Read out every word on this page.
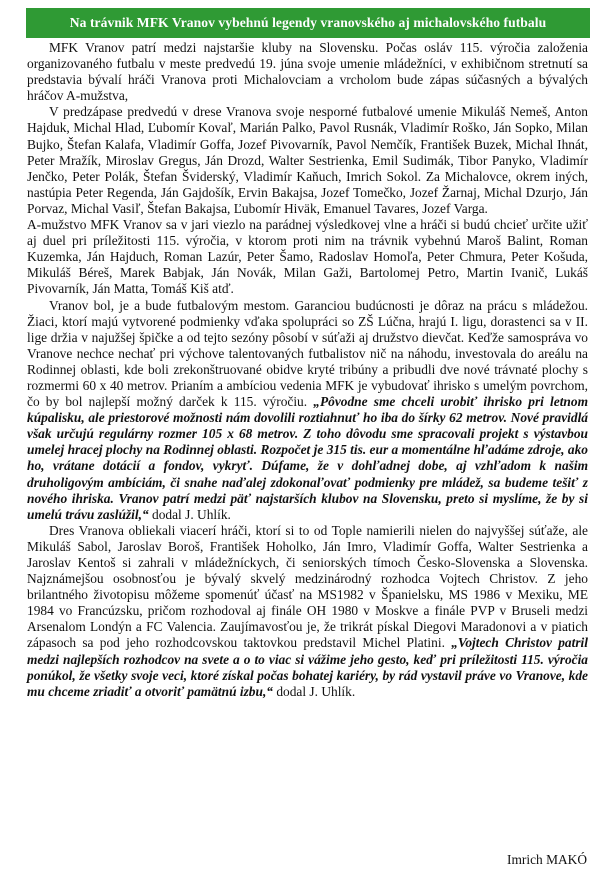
Na trávnik MFK Vranov vybehnú legendy vranovského aj michalovského futbalu

MFK Vranov patrí medzi najstaršie kluby na Slovensku. Počas osláv 115. výročia založenia organizovaného futbalu v meste predvedú 19. júna svoje umenie mládežníci, v exhibičnom stretnutí sa predstavia bývalí hráči Vranova proti Michalovciam a vrcholom bude zápas súčasných a bývalých hráčov A-mužstva,

V predzápase predvedú v drese Vranova svoje nesporné futbalové umenie Mikuláš Nemeš, Anton Hajduk, Michal Hlad, Ľubomír Kovaľ, Marián Palko, Pavol Rusnák, Vladimír Roško, Ján Sopko, Milan Bujko, Štefan Kalafa, Vladimír Goffa, Jozef Pivovarník, Pavol Nemčík, František Buzek, Michal Ihnát, Peter Mražík, Miroslav Gregus, Ján Drozd, Walter Sestrienka, Emil Sudimák, Tibor Panyko, Vladimír Jenčko, Peter Polák, Štefan Šviderský, Vladimír Kaňuch, Imrich Sokol. Za Michalovce, okrem iných, nastúpia Peter Regenda, Ján Gajdošík, Ervin Bakajsa, Jozef Tomečko, Jozef Žarnaj, Michal Dzurjo, Ján Porvaz, Michal Vasiľ, Štefan Bakajsa, Ľubomír Hiväk, Emanuel Tavares, Jozef Varga.

A-mužstvo MFK Vranov sa v jari viezlo na parádnej výsledkovej vlne a hráči si budú chcieť určite užiť aj duel pri príležitosti 115. výročia, v ktorom proti nim na trávnik vybehnú Maroš Balint, Roman Kuzemka, Ján Hajduch, Roman Lazúr, Peter Šamo, Radoslav Homoľa, Peter Chmura, Peter Košuda, Mikuláš Béreš, Marek Babjak, Ján Novák, Milan Gaži, Bartolomej Petro, Martin Ivanič, Lukáš Pivovarník, Ján Matta, Tomáš Kiš atď.

Vranov bol, je a bude futbalovým mestom. Garanciou budúcnosti je dôraz na prácu s mládežou. Žiaci, ktorí majú vytvorené podmienky vďaka spolupráci so ZŠ Lúčna, hrajú I. ligu, dorastenci sa v II. lige držia v najužšej špičke a od tejto sezóny pôsobí v súťaži aj družstvo dievčat. Keďže samospráva vo Vranove nechce nechať pri výchove talentovaných futbalistov nič na náhodu, investovala do areálu na Rodinnej oblasti, kde boli zrekonštruované obidve kryté tribúny a pribudli dve nové trávnaté plochy s rozmermi 60 x 40 metrov. Prianím a ambíciou vedenia MFK je vybudovať ihrisko s umelým povrchom, čo by bol najlepší možný darček k 115. výročiu. „Pôvodne sme chceli urobiť ihrisko pri letnom kúpalisku, ale priestorové možnosti nám dovolili roztiahnuť ho iba do šírky 62 metrov. Nové pravidlá však určujú regulárny rozmer 105 x 68 metrov. Z toho dôvodu sme spracovali projekt s výstavbou umelej hracej plochy na Rodinnej oblasti. Rozpočet je 315 tis. eur a momentálne hľadáme zdroje, ako ho, vrátane dotácií a fondov, vykryť. Dúfame, že v dohľadnej dobe, aj vzhľadom k našim druholigovým ambíciám, či snahe naďalej zdokonaľovať podmienky pre mládež, sa budeme tešiť z nového ihriska. Vranov patrí medzi päť najstarších klubov na Slovensku, preto si myslíme, že by si umelú trávu zaslúžil,“ dodal J. Uhlík.

Dres Vranova obliekali viacerí hráči, ktorí si to od Tople namierili nielen do najvyššej súťaže, ale Mikuláš Sabol, Jaroslav Boroš, František Hoholko, Ján Imro, Vladimír Goffa, Walter Sestrienka a Jaroslav Kentoš si zahrali v mládežníckych, či seniorských tímoch Česko-Slovenska a Slovenska. Najznámejšou osobnosťou je bývalý skvelý medzinárodný rozhodca Vojtech Christov. Z jeho brilantného životopisu môžeme spomenúť účasť na MS1982 v Španielsku, MS 1986 v Mexiku, ME 1984 vo Francúzsku, pričom rozhodoval aj finále OH 1980 v Moskve a finále PVP v Bruseli medzi Arsenalom Londýn a FC Valencia. Zaujímavosťou je, že trikrát pískal Diegovi Maradonovi a v piatich zápasoch sa pod jeho rozhodcovskou taktovkou predstavil Michel Platini. „Vojtech Christov patril medzi najlepších rozhodcov na svete a o to viac si vážime jeho gesto, keď pri príležitosti 115. výročia ponúkol, že všetky svoje veci, ktoré získal počas bohatej kariéry, by rád vystavil práve vo Vranove, kde mu chceme zriadiť a otvoriť pamätnú izbu,“ dodal J. Uhlík.

Imrich MAKÓ
